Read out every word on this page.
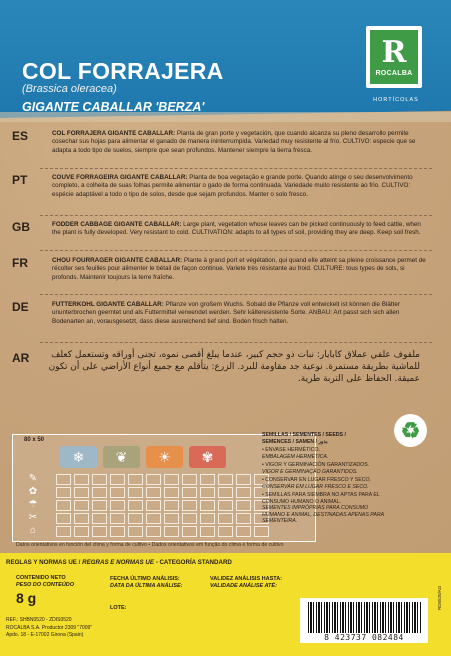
COL FORRAJERA
(Brassica oleracea)
GIGANTE CABALLAR 'BERZA'
R
ROCALBA
HORTÍCOLAS
ES	COL FORRAJERA GIGANTE CABALLAR: Planta de gran porte y vegetación, que cuando alcanza su pleno desarrollo permite cosechar sus hojas para alimentar el ganado de manera ininterrumpida. Variedad muy resistente al frío. CULTIVO: especie que se adapta a todo tipo de suelos, siempre que sean profundos. Mantener siempre la tierra fresca.
PT	COUVE FORRAGEIRA GIGANTE CABALLAR: Planta de boa vegetação e grande porte. Quando atinge o seu desenvolvimento completo, a colheita de suas folhas permite alimentar o gado de forma continuada. Variedade muito resistente ao frio. CULTIVO: espécie adaptável a todo o tipo de solos, desde que sejam profundos. Manter o solo fresco.
GB	FODDER CABBAGE GIGANTE CABALLAR: Large plant, vegetation whose leaves can be picked continuously to feed cattle, when the plant is fully developed. Very resistant to cold. CULTIVATION: adapts to all types of soil, providing they are deep. Keep soil fresh.
FR	CHOU FOURRAGER GIGANTE CABALLAR: Plante à grand port et végétation, qui quand elle atteint sa pleine croissance permet de récolter ses feuilles pour alimenter le bétail de façon continue. Variete très résistante au froid. CULTURE: tous types de sols, si profonds. Maintenir toujours la terre fraîche.
DE	FUTTERKOHL GIGANTE CABALLAR: Pflanze von großem Wuchs. Sobald die Pflanze voll entwickelt ist können die Blätter ununterbrochen geerntet und als Futtermittel verwendet werden. Sehr kälteresistente Sorte. ANBAU: Art passt sich sich allen Bodenarten an, vorausgesetzt, dass diese ausreichend tief sind. Boden frisch halten.
AR	ملفوف علفي عملاق كابايار: نبات ذو حجم كبير، عندما يبلغ أقصى نموه، تجنى أوراقه وتستعمل كعلف للماشية بطريقة مستمرة. نوعية جد مقاومة للبرد. الزرع: يتأقلم مع جميع أنواع الأراضي على أن تكون عميقة. الحفاظ على التربة طرية.
80 x 50
❄	❦	☀	✾
✎
✿
☂
✂
⌂
SEMILLAS / SEMENTES / SEEDS /
SEMENCES / SAMEN / بذور
• ENVASE HERMÉTICO.
EMBALAGEM HERMÉTICA.
• VIGOR Y GERMINACIÓN GARANTIZADOS.
VIGOR E GERMINAÇÃO GARANTIDOS.
• CONSERVAR EN LUGAR FRESCO Y SECO.
CONSERVAR EM LUGAR FRESCO E SECO.
• SEMILLAS PARA SIEMBRA NO APTAS PARA EL CONSUMO HUMANO O ANIMAL.
SEMENTES IMPRÓPRIAS PARA CONSUMO HUMANO E ANIMAL, DESTINADAS APENAS PARA SEMENTEIRA.
♻
Datos orientativos en función del clima y forma de cultivo • Dados orientativos em função do clima e forma de cultivo
REGLAS Y NORMAS UE / REGRAS E NORMAS UE - CATEGORÍA STANDARD
CONTENIDO NETO
PESO DO CONTEÚDO
8 g
FECHA ÚLTIMO ANÁLISIS:
DATA DA ÚLTIMA ANÁLISE:
VALIDEZ ANÁLISIS HASTA:
VALIDADE ANÁLISE ATÉ:
LOTE:
REF.: SHBN0520 - ZDIS0520
ROCALBA S.A. Productor 2309 "7009"
Apdo. 18 - E-17002 Girona (Spain)	8 423737 082484
RD6520/AG
